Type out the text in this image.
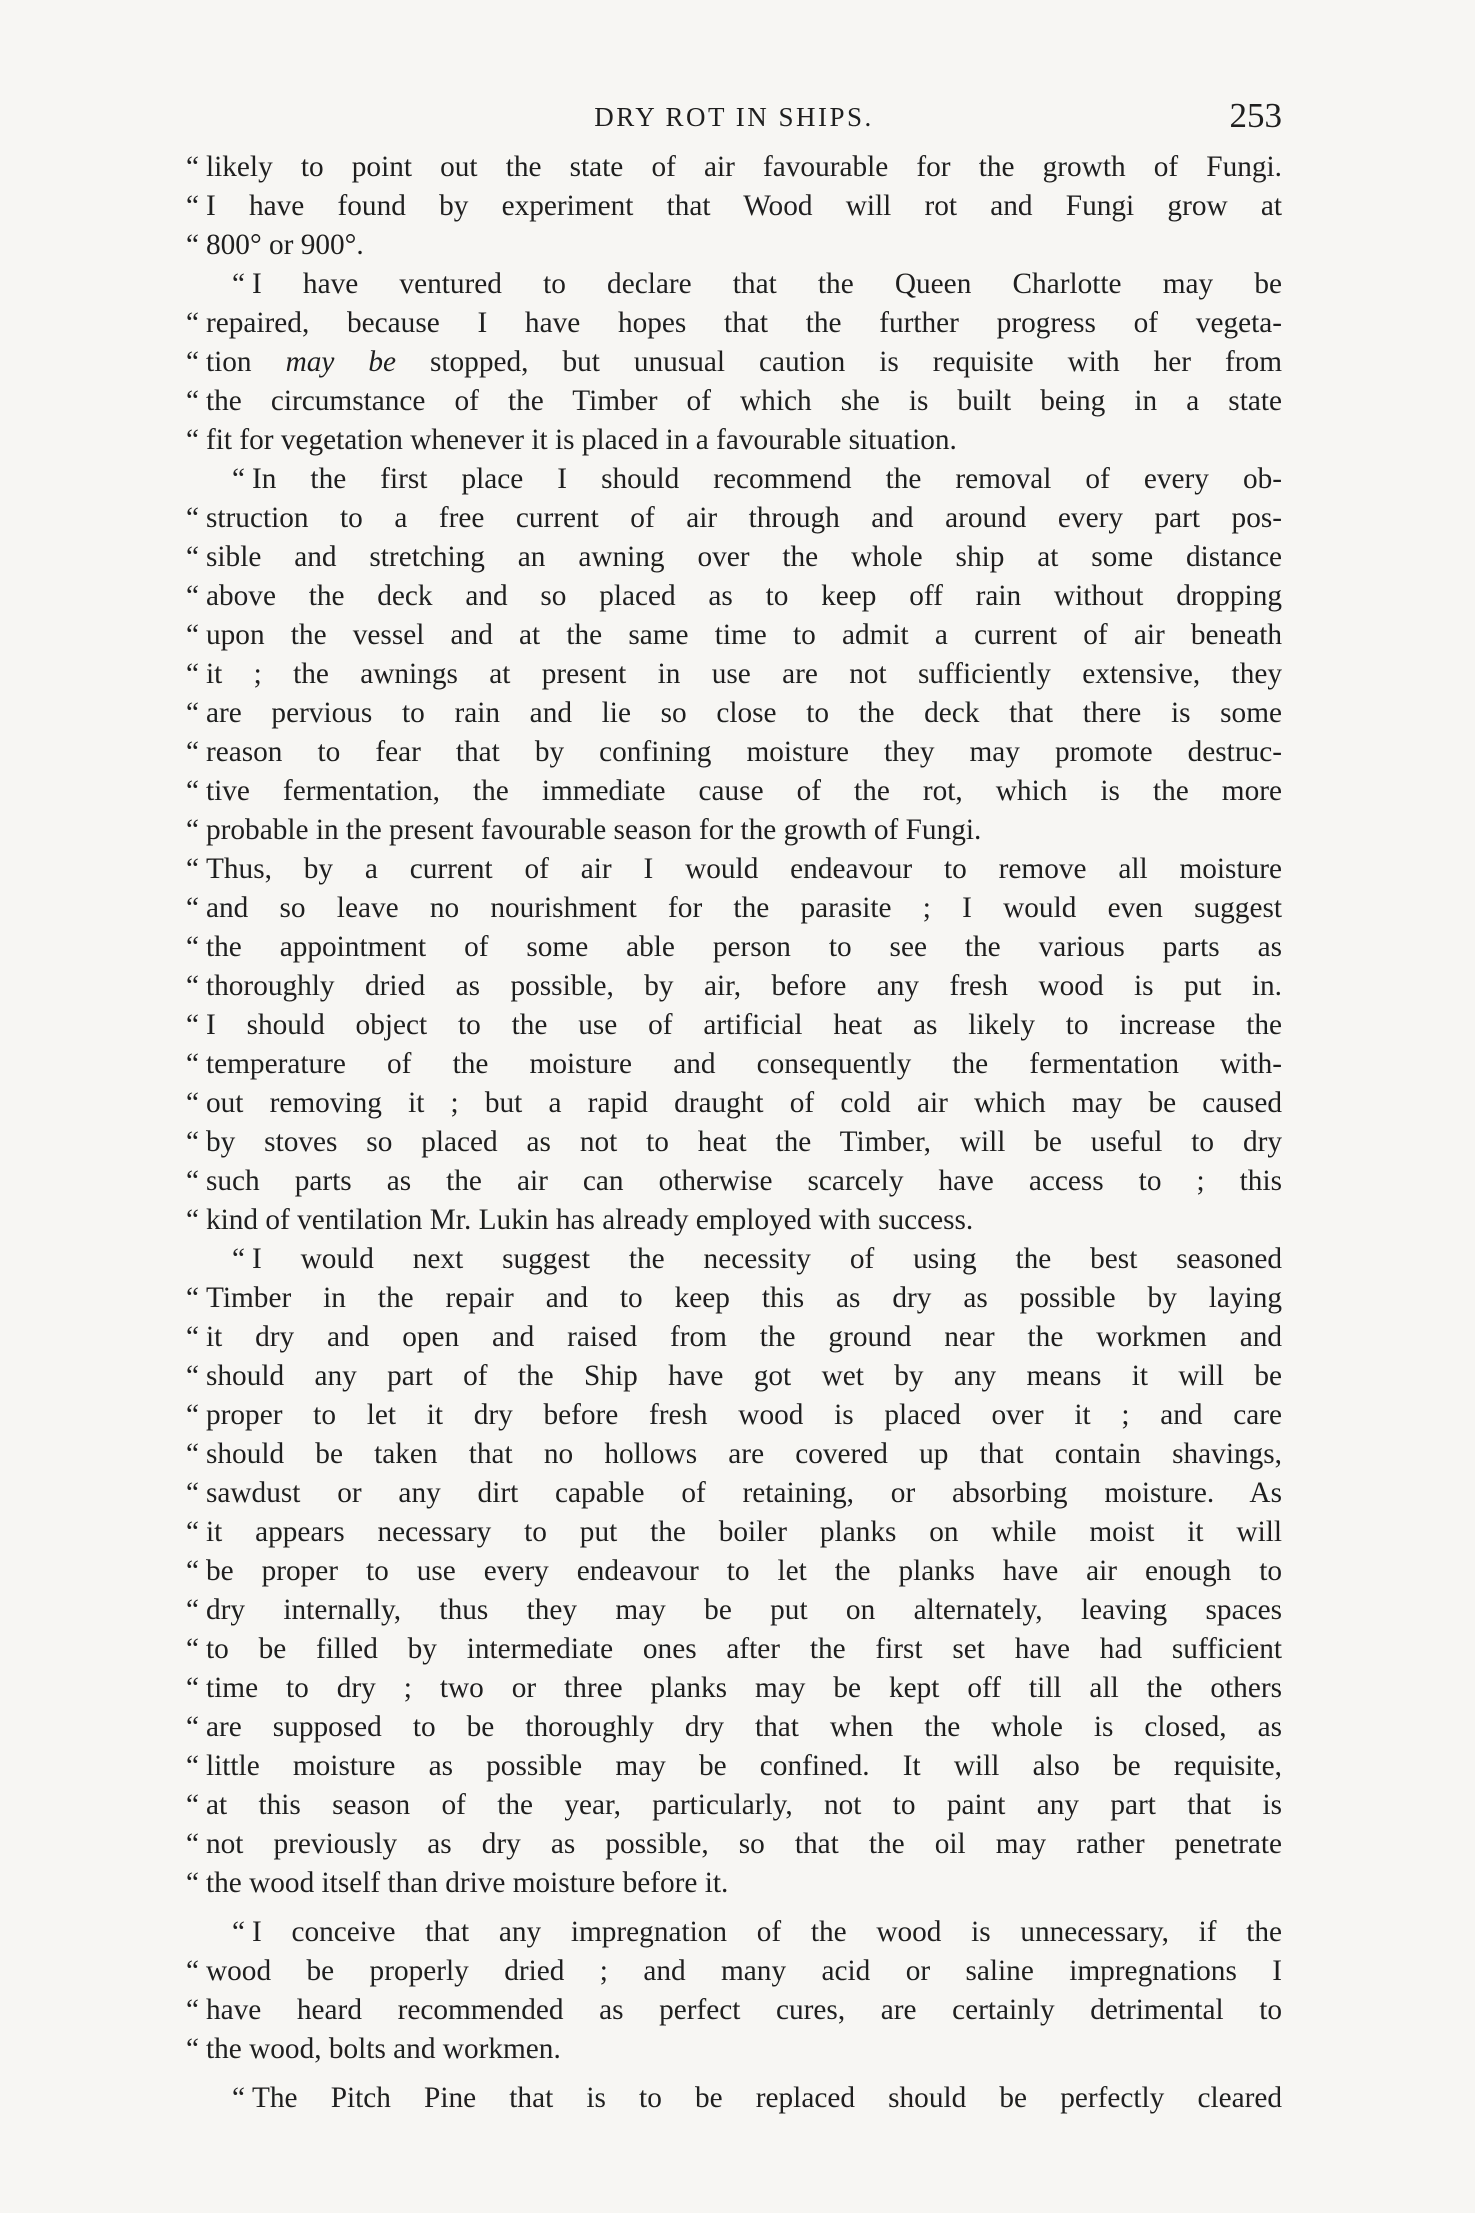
DRY ROT IN SHIPS.	253
“ likely to point out the state of air favourable for the growth of Fungi.
“ I have found by experiment that Wood will rot and Fungi grow at
“ 800° or 900°.
“ I have ventured to declare that the Queen Charlotte may be
“ repaired, because I have hopes that the further progress of vegeta-
“ tion may be stopped, but unusual caution is requisite with her from
“ the circumstance of the Timber of which she is built being in a state
“ fit for vegetation whenever it is placed in a favourable situation.
“ In the first place I should recommend the removal of every ob-
“ struction to a free current of air through and around every part pos-
“ sible and stretching an awning over the whole ship at some distance
“ above the deck and so placed as to keep off rain without dropping
“ upon the vessel and at the same time to admit a current of air beneath
“ it ; the awnings at present in use are not sufficiently extensive, they
“ are pervious to rain and lie so close to the deck that there is some
“ reason to fear that by confining moisture they may promote destruc-
“ tive fermentation, the immediate cause of the rot, which is the more
“ probable in the present favourable season for the growth of Fungi.
“ Thus, by a current of air I would endeavour to remove all moisture
“ and so leave no nourishment for the parasite ; I would even suggest
“ the appointment of some able person to see the various parts as
“ thoroughly dried as possible, by air, before any fresh wood is put in.
“ I should object to the use of artificial heat as likely to increase the
“ temperature of the moisture and consequently the fermentation with-
“ out removing it ; but a rapid draught of cold air which may be caused
“ by stoves so placed as not to heat the Timber, will be useful to dry
“ such parts as the air can otherwise scarcely have access to ; this
“ kind of ventilation Mr. Lukin has already employed with success.
“ I would next suggest the necessity of using the best seasoned
“ Timber in the repair and to keep this as dry as possible by laying
“ it dry and open and raised from the ground near the workmen and
“ should any part of the Ship have got wet by any means it will be
“ proper to let it dry before fresh wood is placed over it ; and care
“ should be taken that no hollows are covered up that contain shavings,
“ sawdust or any dirt capable of retaining, or absorbing moisture. As
“ it appears necessary to put the boiler planks on while moist it will
“ be proper to use every endeavour to let the planks have air enough to
“ dry internally, thus they may be put on alternately, leaving spaces
“ to be filled by intermediate ones after the first set have had sufficient
“ time to dry ; two or three planks may be kept off till all the others
“ are supposed to be thoroughly dry that when the whole is closed, as
“ little moisture as possible may be confined. It will also be requisite,
“ at this season of the year, particularly, not to paint any part that is
“ not previously as dry as possible, so that the oil may rather penetrate
“ the wood itself than drive moisture before it.
“ I conceive that any impregnation of the wood is unnecessary, if the
“ wood be properly dried ; and many acid or saline impregnations I
“ have heard recommended as perfect cures, are certainly detrimental to
“ the wood, bolts and workmen.
“ The Pitch Pine that is to be replaced should be perfectly cleared
